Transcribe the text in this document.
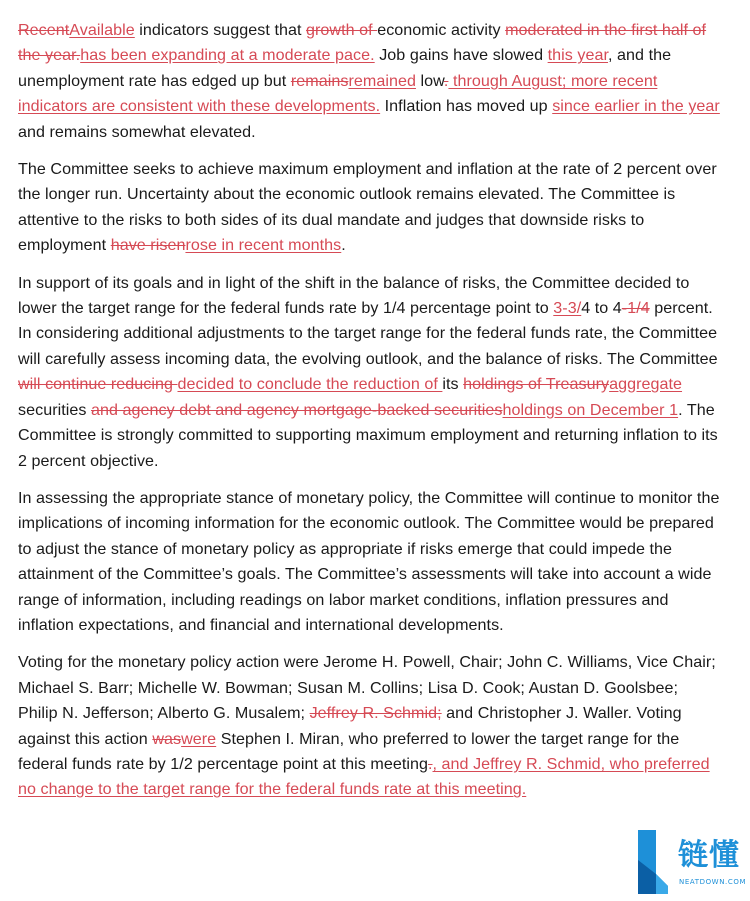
RecentAvailable indicators suggest that growth of economic activity moderated in the first half of the year.has been expanding at a moderate pace. Job gains have slowed this year, and the unemployment rate has edged up but remainsremained low. through August; more recent indicators are consistent with these developments. Inflation has moved up since earlier in the year and remains somewhat elevated.

The Committee seeks to achieve maximum employment and inflation at the rate of 2 percent over the longer run. Uncertainty about the economic outlook remains elevated. The Committee is attentive to the risks to both sides of its dual mandate and judges that downside risks to employment have risenrose in recent months.

In support of its goals and in light of the shift in the balance of risks, the Committee decided to lower the target range for the federal funds rate by 1/4 percentage point to 3-3/4 to 4-1/4 percent. In considering additional adjustments to the target range for the federal funds rate, the Committee will carefully assess incoming data, the evolving outlook, and the balance of risks. The Committee will continue reducing decided to conclude the reduction of its holdings of Treasuryaggregate securities and agency debt and agency mortgage-backed securitiesholdings on December 1. The Committee is strongly committed to supporting maximum employment and returning inflation to its 2 percent objective.

In assessing the appropriate stance of monetary policy, the Committee will continue to monitor the implications of incoming information for the economic outlook. The Committee would be prepared to adjust the stance of monetary policy as appropriate if risks emerge that could impede the attainment of the Committee’s goals. The Committee’s assessments will take into account a wide range of information, including readings on labor market conditions, inflation pressures and inflation expectations, and financial and international developments.

Voting for the monetary policy action were Jerome H. Powell, Chair; John C. Williams, Vice Chair; Michael S. Barr; Michelle W. Bowman; Susan M. Collins; Lisa D. Cook; Austan D. Goolsbee; Philip N. Jefferson; Alberto G. Musalem; Jeffrey R. Schmid; and Christopher J. Waller. Voting against this action waswere Stephen I. Miran, who preferred to lower the target range for the federal funds rate by 1/2 percentage point at this meeting., and Jeffrey R. Schmid, who preferred no change to the target range for the federal funds rate at this meeting.

链懂
NEATDOWN.COM
